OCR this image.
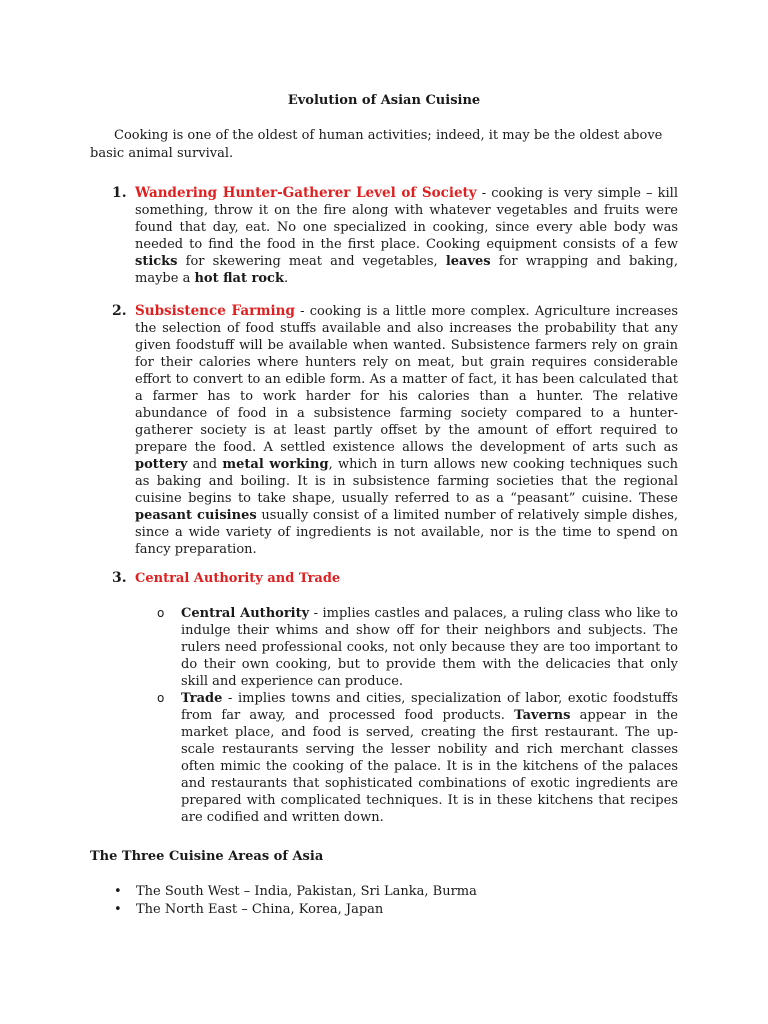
Evolution of Asian Cuisine

Cooking is one of the oldest of human activities; indeed, it may be the oldest above basic animal survival.

1. Wandering Hunter-Gatherer Level of Society - cooking is very simple – kill something, throw it on the fire along with whatever vegetables and fruits were found that day, eat. No one specialized in cooking, since every able body was needed to find the food in the first place. Cooking equipment consists of a few sticks for skewering meat and vegetables, leaves for wrapping and baking, maybe a hot flat rock.

2. Subsistence Farming - cooking is a little more complex. Agriculture increases the selection of food stuffs available and also increases the probability that any given foodstuff will be available when wanted. Subsistence farmers rely on grain for their calories where hunters rely on meat, but grain requires considerable effort to convert to an edible form. As a matter of fact, it has been calculated that a farmer has to work harder for his calories than a hunter. The relative abundance of food in a subsistence farming society compared to a hunter-gatherer society is at least partly offset by the amount of effort required to prepare the food. A settled existence allows the development of arts such as pottery and metal working, which in turn allows new cooking techniques such as baking and boiling. It is in subsistence farming societies that the regional cuisine begins to take shape, usually referred to as a “peasant” cuisine. These peasant cuisines usually consist of a limited number of relatively simple dishes, since a wide variety of ingredients is not available, nor is the time to spend on fancy preparation.

3. Central Authority and Trade

o Central Authority - implies castles and palaces, a ruling class who like to indulge their whims and show off for their neighbors and subjects. The rulers need professional cooks, not only because they are too important to do their own cooking, but to provide them with the delicacies that only skill and experience can produce.

o Trade - implies towns and cities, specialization of labor, exotic foodstuffs from far away, and processed food products. Taverns appear in the market place, and food is served, creating the first restaurant. The up-scale restaurants serving the lesser nobility and rich merchant classes often mimic the cooking of the palace. It is in the kitchens of the palaces and restaurants that sophisticated combinations of exotic ingredients are prepared with complicated techniques. It is in these kitchens that recipes are codified and written down.

The Three Cuisine Areas of Asia
• The South West – India, Pakistan, Sri Lanka, Burma
• The North East – China, Korea, Japan
